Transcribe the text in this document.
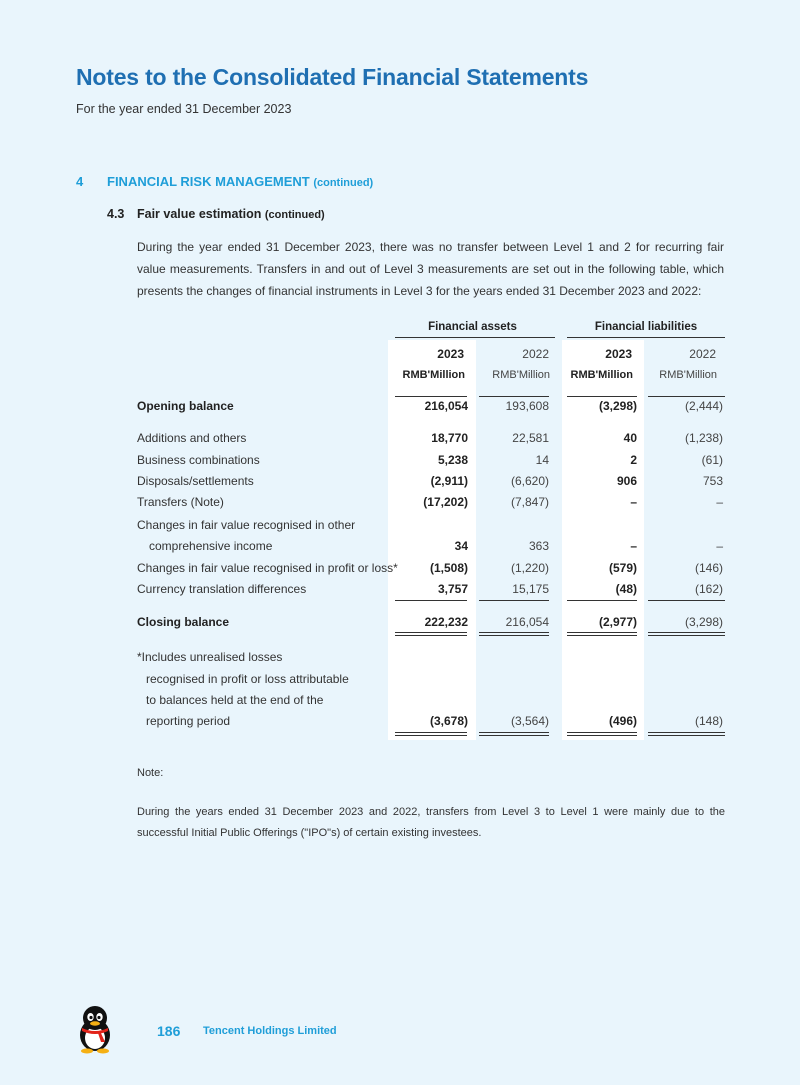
Notes to the Consolidated Financial Statements
For the year ended 31 December 2023
4 FINANCIAL RISK MANAGEMENT (continued)
4.3 Fair value estimation (continued)
During the year ended 31 December 2023, there was no transfer between Level 1 and 2 for recurring fair value measurements. Transfers in and out of Level 3 measurements are set out in the following table, which presents the changes of financial instruments in Level 3 for the years ended 31 December 2023 and 2022:
Financial assets	Financial liabilities
2023	2022	2023	2022
RMB'Million	RMB'Million	RMB'Million	RMB'Million
Opening balance	216,054	193,608	(3,298)	(2,444)
Additions and others	18,770	22,581	40	(1,238)
Business combinations	5,238	14	2	(61)
Disposals/settlements	(2,911)	(6,620)	906	753
Transfers (Note)	(17,202)	(7,847)	–	–
Changes in fair value recognised in other
comprehensive income	34	363	–	–
Changes in fair value recognised in profit or loss*	(1,508)	(1,220)	(579)	(146)
Currency translation differences	3,757	15,175	(48)	(162)
Closing balance	222,232	216,054	(2,977)	(3,298)
*Includes unrealised losses
recognised in profit or loss attributable
to balances held at the end of the
reporting period	(3,678)	(3,564)	(496)	(148)
Note:
During the years ended 31 December 2023 and 2022, transfers from Level 3 to Level 1 were mainly due to the successful Initial Public Offerings ("IPO"s) of certain existing investees.
186 Tencent Holdings Limited
